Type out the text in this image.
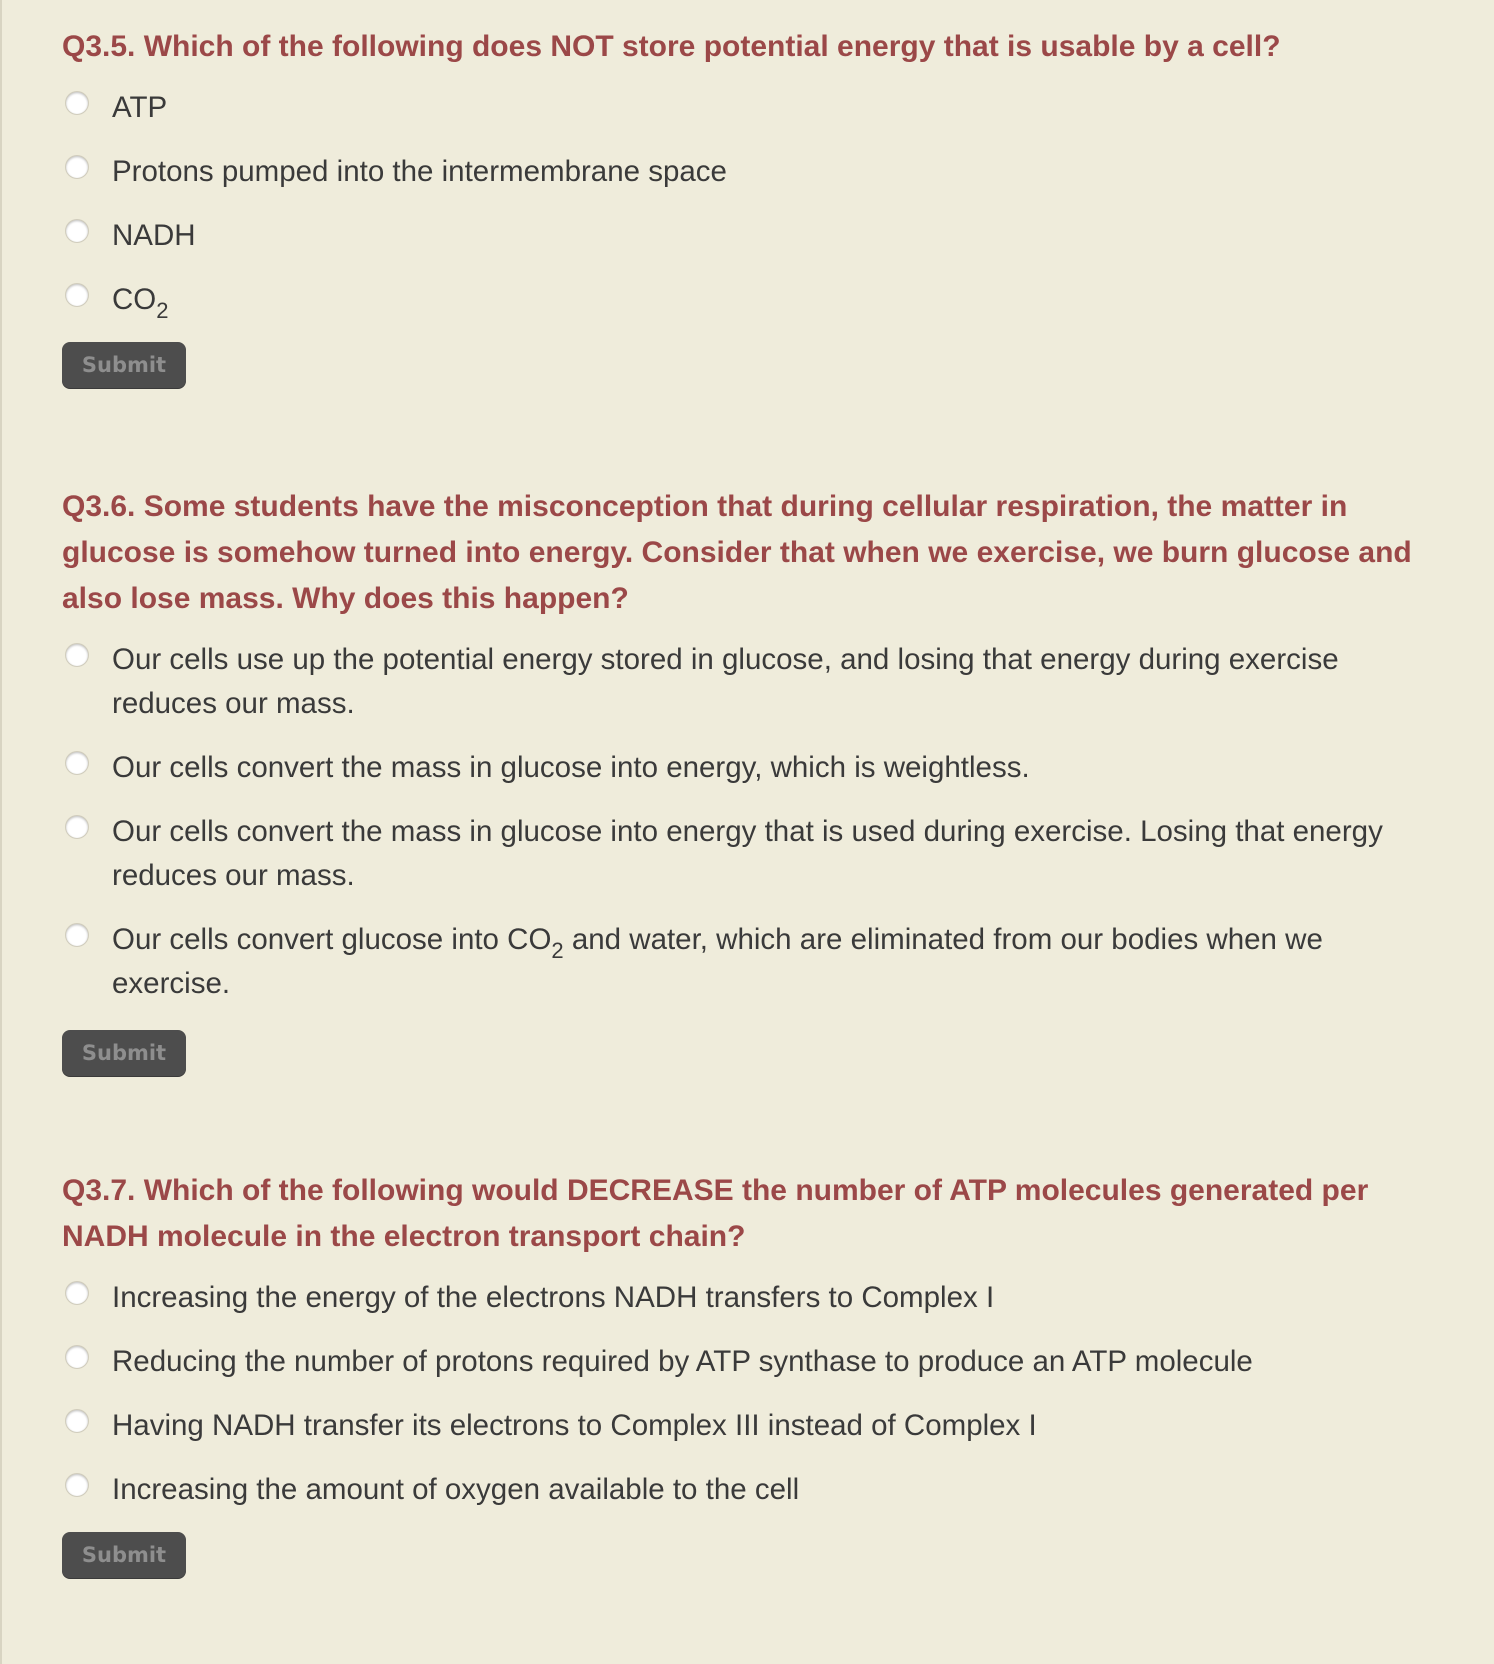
Q3.5. Which of the following does NOT store potential energy that is usable by a cell?

ATP
Protons pumped into the intermembrane space
NADH
$CO_2$
Submit

Q3.6. Some students have the misconception that during cellular respiration, the matter in glucose is somehow turned into energy. Consider that when we exercise, we burn glucose and also lose mass. Why does this happen?

Our cells use up the potential energy stored in glucose, and losing that energy during exercise reduces our mass.
Our cells convert the mass in glucose into energy, which is weightless.
Our cells convert the mass in glucose into energy that is used during exercise. Losing that energy reduces our mass.
Our cells convert glucose into $CO_2$ and water, which are eliminated from our bodies when we exercise.
Submit

Q3.7. Which of the following would DECREASE the number of ATP molecules generated per NADH molecule in the electron transport chain?

Increasing the energy of the electrons NADH transfers to Complex I
Reducing the number of protons required by ATP synthase to produce an ATP molecule
Having NADH transfer its electrons to Complex III instead of Complex I
Increasing the amount of oxygen available to the cell
Submit
